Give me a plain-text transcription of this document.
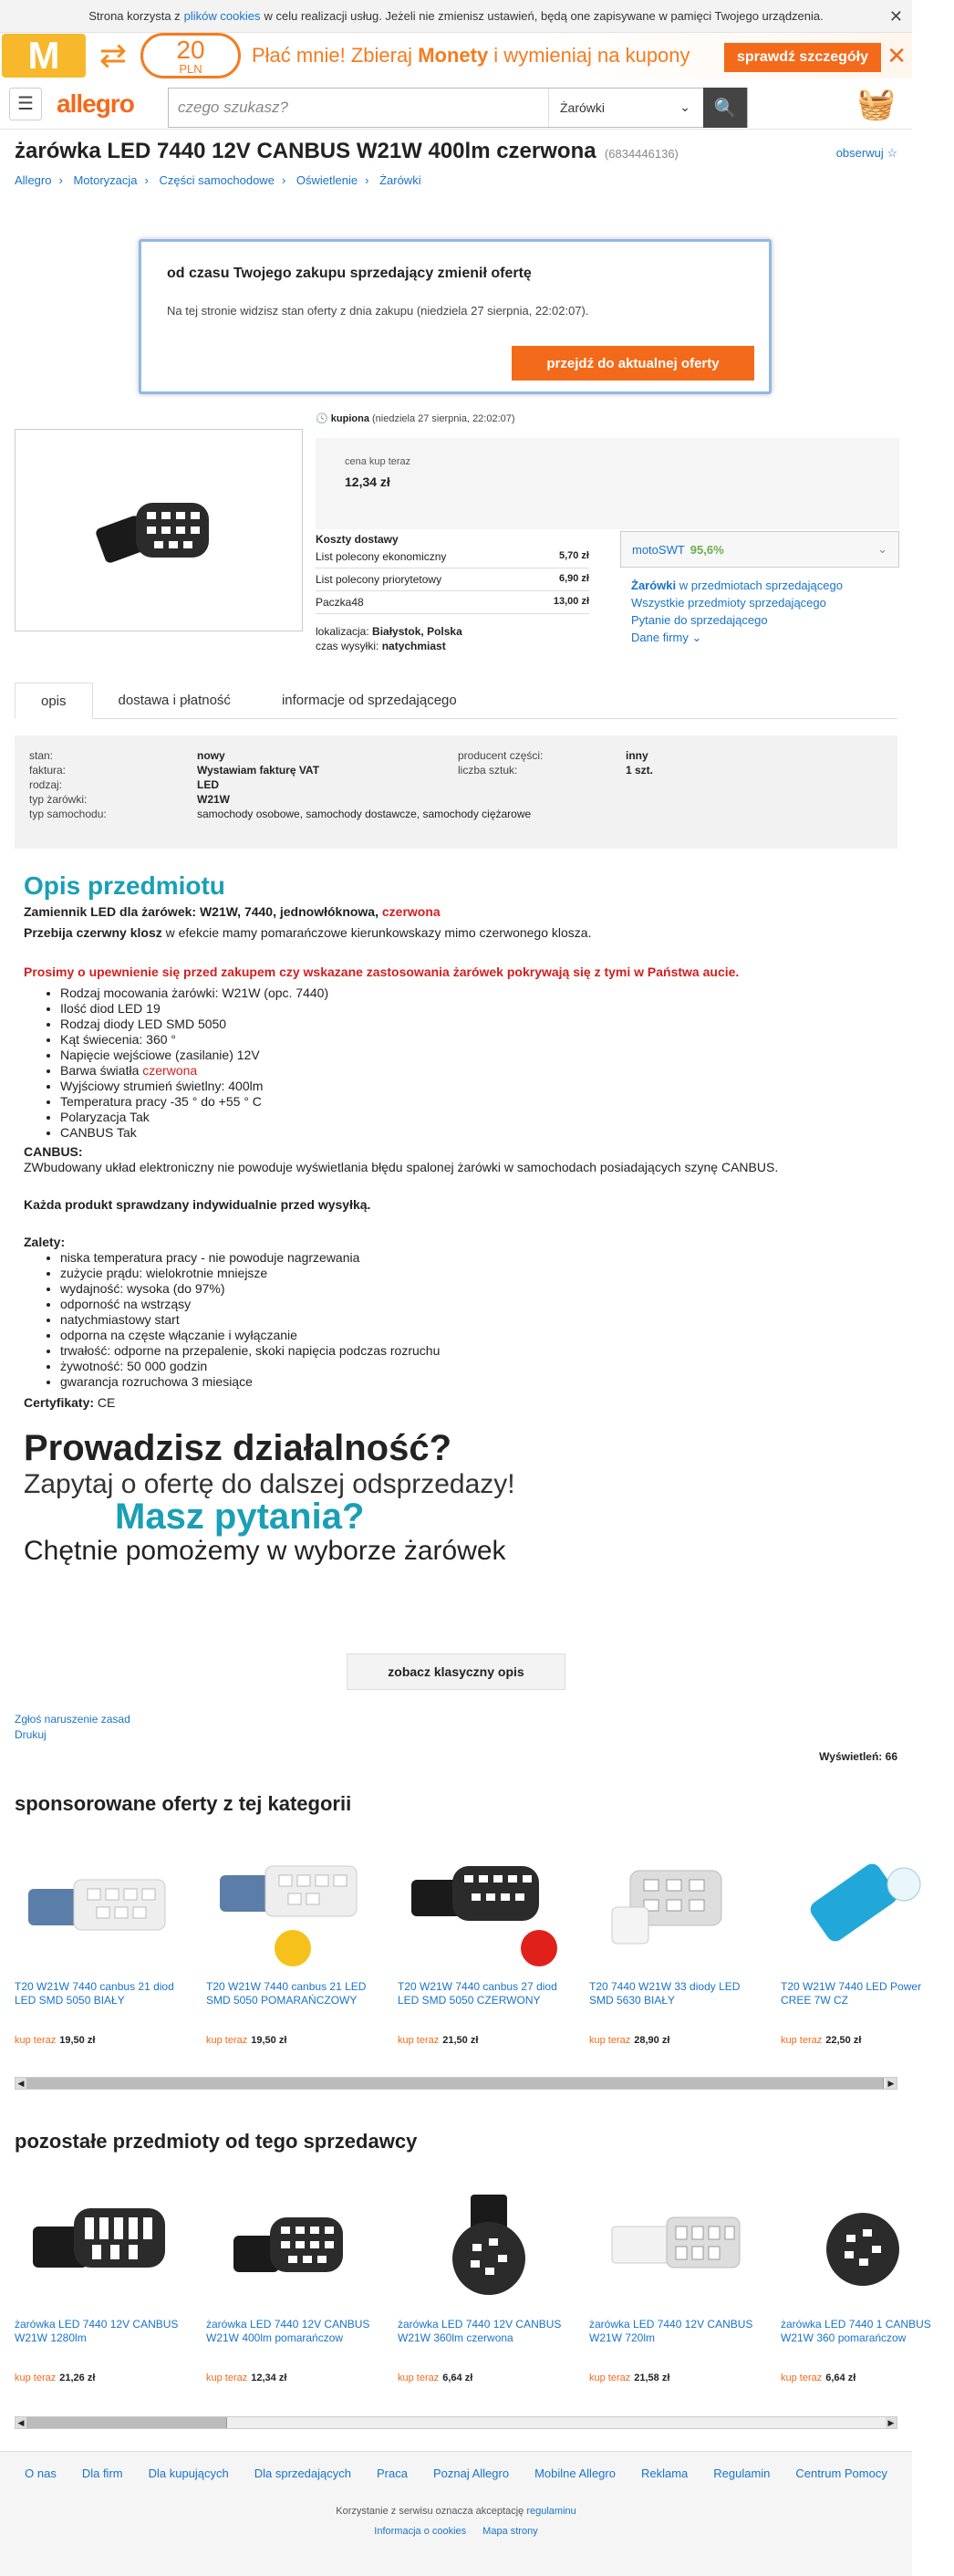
Strona korzysta z plików cookies w celu realizacji usług. Jeżeli nie zmienisz ustawień, będą one zapisywane w pamięci Twojego urządzenia.	✕
M	⇄	20
PLN
Płać mnie! Zbieraj Monety i wymieniaj na kupony	sprawdź szczegóły ✕
☰ allegro	czego szukasz?	Żarówki	⌄ 🔍	🧺
żarówka LED 7440 12V CANBUS W21W 400lm czerwona (6834446136)	obserwuj ☆
Allegro › Motoryzacja › Części samochodowe › Oświetlenie › Żarówki
od czasu Twojego zakupu sprzedający zmienił ofertę

Na tej stronie widzisz stan oferty z dnia zakupu (niedziela 27 sierpnia, 22:02:07).

przejdź do aktualnej oferty
🕓 kupiona (niedziela 27 sierpnia, 22:02:07)
cena kup teraz
12,34 zł
Koszty dostawy
List polecony ekonomiczny	5,70 zł
List polecony priorytetowy	6,90 zł
Paczka48	13,00 zł
lokalizacja: Białystok, Polska
czas wysyłki: natychmiast
motoSWT 95,6%	⌄
Żarówki w przedmiotach sprzedającego
Wszystkie przedmioty sprzedającego
Pytanie do sprzedającego
Dane firmy ⌄
opis	dostawa i płatność	informacje od sprzedającego
stan:	nowy	producent części:	inny
faktura:	Wystawiam fakturę VAT	liczba sztuk:	1 szt.
rodzaj:	LED
typ żarówki:	W21W
typ samochodu:	samochody osobowe, samochody dostawcze, samochody ciężarowe
Opis przedmiotu
Zamiennik LED dla żarówek: W21W, 7440, jednowłóknowa, czerwona
Przebija czerwny klosz w efekcie mamy pomarańczowe kierunkowskazy mimo czerwonego klosza.
Prosimy o upewnienie się przed zakupem czy wskazane zastosowania żarówek pokrywają się z tymi w Państwa aucie.
• Rodzaj mocowania żarówki: W21W (opc. 7440)
• Ilość diod LED 19
• Rodzaj diody LED SMD 5050
• Kąt świecenia: 360 °
• Napięcie wejściowe (zasilanie) 12V
• Barwa światła czerwona
• Wyjściowy strumień świetlny: 400lm
• Temperatura pracy -35 ° do +55 ° C
• Polaryzacja Tak
• CANBUS Tak
CANBUS:
ZWbudowany układ elektroniczny nie powoduje wyświetlania błędu spalonej żarówki w samochodach posiadających szynę CANBUS.
Każda produkt sprawdzany indywidualnie przed wysyłką.
Zalety:
• niska temperatura pracy - nie powoduje nagrzewania
• zużycie prądu: wielokrotnie mniejsze
• wydajność: wysoka (do 97%)
• odporność na wstrząsy
• natychmiastowy start
• odporna na częste włączanie i wyłączanie
• trwałość: odporne na przepalenie, skoki napięcia podczas rozruchu
• żywotność: 50 000 godzin
• gwarancja rozruchowa 3 miesiące
Certyfikaty: CE
Prowadzisz działalność?
Zapytaj o ofertę do dalszej odsprzedazy!
Masz pytania?
Chętnie pomożemy w wyborze żarówek
zobacz klasyczny opis
Zgłoś naruszenie zasad
Drukuj
Wyświetleń: 66
sponsorowane oferty z tej kategorii
T20 W21W 7440 canbus 21 diod LED SMD 5050 BIAŁY
kup teraz 19,50 zł
T20 W21W 7440 canbus 21 LED SMD 5050 POMARAŃCZOWY
kup teraz 19,50 zł
T20 W21W 7440 canbus 27 diod LED SMD 5050 CZERWONY
kup teraz 21,50 zł
T20 7440 W21W 33 diody LED SMD 5630 BIAŁY
kup teraz 28,90 zł
T20 W21W 7440 LED Power CREE 7W CZ
kup teraz 22,50 zł
◀	▶
pozostałe przedmioty od tego sprzedawcy
żarówka LED 7440 12V CANBUS W21W 1280lm
kup teraz 21,26 zł
żarówka LED 7440 12V CANBUS W21W 400lm pomarańczow
kup teraz 12,34 zł
żarówka LED 7440 12V CANBUS W21W 360lm czerwona
kup teraz 6,64 zł
żarówka LED 7440 12V CANBUS W21W 720lm
kup teraz 21,58 zł
żarówka LED 7440 1 CANBUS W21W 360 pomarańczow
kup teraz 6,64 zł
◀	▶
O nas Dla firm Dla kupujących Dla sprzedających Praca Poznaj Allegro Mobilne Allegro Reklama Regulamin Centrum Pomocy
Korzystanie z serwisu oznacza akceptację regulaminu
Informacja o cookies Mapa strony
